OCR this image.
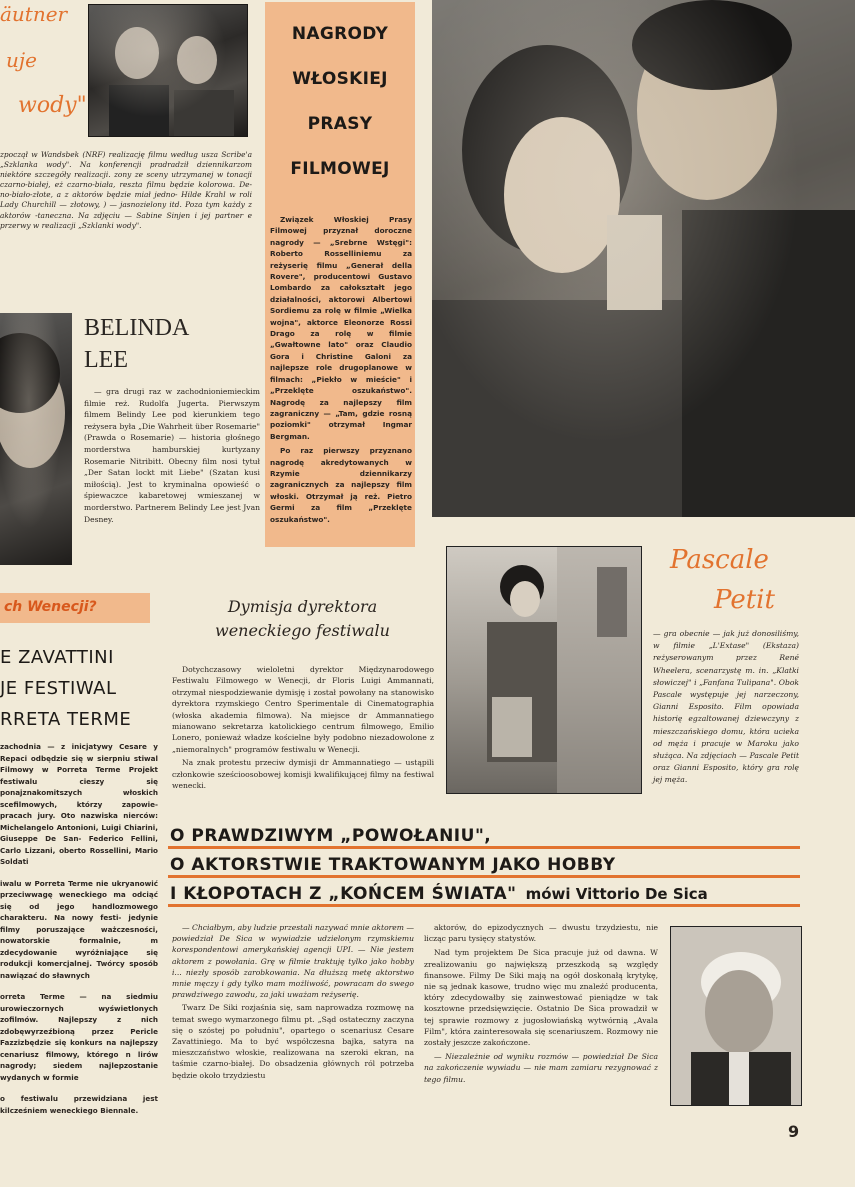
äutner
uje
wody"
zpoczął w Wandsbek (NRF) realizację filmu według usza Scribe'a „Szklanka wody". Na konferencji pradradził dziennikarzom niektóre szczegóły realizacji. zony ze sceny utrzymanej w tonacji czarno-białej, eż czarno-biała, reszta filmu będzie kolorowa. De- no-biało-złote, a z aktorów będzie miał jedno- Hilde Krahl w roli Lady Churchill — złotowy, ) — jasnozielony itd. Poza tym każdy z aktorów -taneczna. Na zdjęciu — Sabine Sinjen i jej partner e przerwy w realizacji „Szklanki wody".
NAGRODY
WŁOSKIEJ
PRASY
FILMOWEJ

Związek Włoskiej Prasy Filmowej przyznał doroczne nagrody — „Srebrne Wstęgi": Roberto Rosselliniemu za reżyserię filmu „Generał della Rovere", producentowi Gustavo Lombardo za całokształt jego działalności, aktorowi Albertowi Sordiemu za rolę w filmie „Wielka wojna", aktorce Eleonorze Rossi Drago za rolę w filmie „Gwałtowne lato" oraz Claudio Gora i Christine Galoni za najlepsze role drugoplanowe w filmach: „Piekło w mieście" i „Przeklęte oszukaństwo". Nagrodę za najlepszy film zagraniczny — „Tam, gdzie rosną poziomki" otrzymał Ingmar Bergman.

Po raz pierwszy przyznano nagrodę akredytowanych w Rzymie dziennikarzy zagranicznych za najlepszy film włoski. Otrzymał ją reż. Pietro Germi za film „Przeklęte oszukaństwo".

BELINDA
LEE
— gra drugi raz w zachodnioniemieckim filmie reż. Rudolfa Jugerta. Pierwszym filmem Belindy Lee pod kierunkiem tego reżysera była „Die Wahrheit über Rosemarie" (Prawda o Rosemarie) — historia głośnego morderstwa hamburskiej kurtyzany Rosemarie Nitribitt. Obecny film nosi tytuł „Der Satan lockt mit Liebe" (Szatan kusi miłością). Jest to kryminalna opowieść o śpiewaczce kabaretowej wmieszanej w morderstwo. Partnerem Belindy Lee jest Jvan Desney.
ch Wenecji?
E ZAVATTINI
JE FESTIWAL
RRETA TERME

zachodnia — z inicjatywy Cesare y Repaci odbędzie się w sierpniu stiwal Filmowy w Porreta Terme Projekt festiwalu cieszy się ponajznakomitszych włoskich scefilmowych, którzy zapowie- pracach jury. Oto nazwiska nierców: Michelangelo Antonioni, Luigi Chiarini, Giuseppe De San- Federico Fellini, Carlo Lizzani, oberto Rossellini, Mario Soldati

iwalu w Porreta Terme nie ukryanowić przeciwwagę weneckiego ma odciąć się od jego handlozmowego charakteru. Na nowy festi- jedynie filmy poruszające ważczesności, nowatorskie formalnie, m zdecydowanie wyróżniające się rodukcji komercjalnej. Twórcy sposób nawiązać do sławnych

orreta Terme — na siedmiu urowieczornych wyświetlonych zofilmów. Najlepszy z nich zdobęwyrzeźbioną przez Pericle Fazzizbędzie się konkurs na najlepszy cenariusz filmowy, którego n lirów nagrody; siedem najlepzostanie wydanych w formie

o festiwalu przewidziana jest kilcześniem weneckiego Biennale.

Dymisja dyrektora
weneckiego festiwalu

Dotychczasowy wieloletni dyrektor Międzynarodowego Festiwalu Filmowego w Wenecji, dr Floris Luigi Ammannati, otrzymał niespodziewanie dymisję i został powołany na stanowisko dyrektora rzymskiego Centro Sperimentale di Cinematographia (włoska akademia filmowa). Na miejsce dr Ammannatiego mianowano sekretarza katolickiego centrum filmowego, Emilio Lonero, ponieważ władze kościelne były podobno niezadowolone z „niemoralnych" programów festiwalu w Wenecji.

Na znak protestu przeciw dymisji dr Ammannatiego — ustąpili członkowie sześcioosobowej komisji kwalifikującej filmy na festiwal wenecki.

Pascale
Petit
— gra obecnie — jak już donosiliśmy, w filmie „L'Extase" (Ekstaza) reżyserowanym przez René Wheelera, scenarzystę m. in. „Klatki słowiczej" i „Fanfana Tulipana". Obok Pascale występuje jej narzeczony, Gianni Esposito. Film opowiada historię egzaltowanej dziewczyny z mieszczańskiego domu, która ucieka od męża i pracuje w Maroku jako służąca. Na zdjęciach — Pascale Petit oraz Gianni Esposito, który gra rolę jej męża.
O PRAWDZIWYM „POWOŁANIU",
O AKTORSTWIE TRAKTOWANYM JAKO HOBBY
I KŁOPOTACH Z „KOŃCEM ŚWIATA" mówi Vittorio De Sica

— Chciałbym, aby ludzie przestali nazywać mnie aktorem — powiedział De Sica w wywiadzie udzielonym rzymskiemu korespondentowi amerykańskiej agencji UPI. — Nie jestem aktorem z powołania. Grę w filmie traktuję tylko jako hobby i... niezły sposób zarobkowania. Na dłuższą metę aktorstwo mnie męczy i gdy tylko mam możliwość, powracam do swego prawdziwego zawodu, za jaki uważam reżyserię.

Twarz De Siki rozjaśnia się, sam naprowadza rozmowę na temat swego wymarzonego filmu pt. „Sąd ostateczny zaczyna się o szóstej po południu", opartego o scenariusz Cesare Zavattiniego. Ma to być współczesna bajka, satyra na mieszczaństwo włoskie, realizowana na szeroki ekran, na taśmie czarno-białej. Do obsadzenia głównych ról potrzeba będzie około trzydziestu

aktorów, do epizodycznych — dwustu trzydziestu, nie licząc paru tysięcy statystów.

Nad tym projektem De Sica pracuje już od dawna. W zrealizowaniu go największą przeszkodą są względy finansowe. Filmy De Siki mają na ogół doskonałą krytykę, nie są jednak kasowe, trudno więc mu znaleźć producenta, który zdecydowałby się zainwestować pieniądze w tak kosztowne przedsięwzięcie. Ostatnio De Sica prowadził w tej sprawie rozmowy z jugosłowiańską wytwórnią „Avala Film", która zainteresowała się scenariuszem. Rozmowy nie zostały jeszcze zakończone.

— Niezależnie od wyniku rozmów — powiedział De Sica na zakończenie wywiadu — nie mam zamiaru rezygnować z tego filmu.

9
